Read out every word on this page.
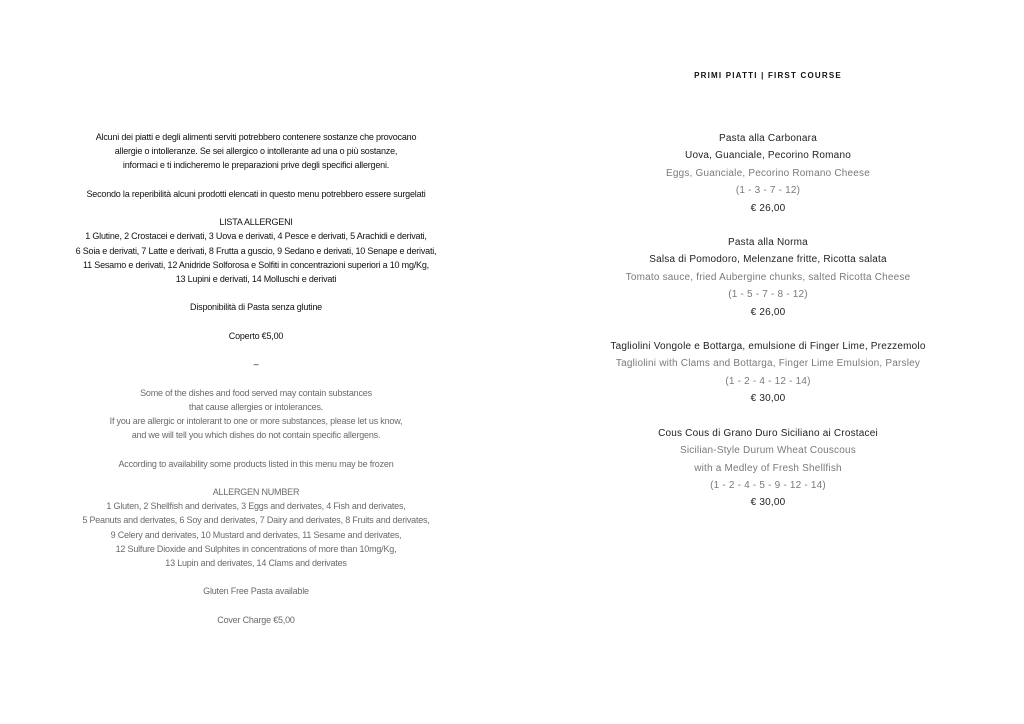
Alcuni dei piatti e degli alimenti serviti potrebbero contenere sostanze che provocano

allergie o intolleranze. Se sei allergico o intollerante ad una o più sostanze,

informaci e ti indicheremo le preparazioni prive degli specifici allergeni.

Secondo la reperibilità alcuni prodotti elencati in questo menu potrebbero essere surgelati

LISTA ALLERGENI

1 Glutine, 2 Crostacei e derivati, 3 Uova e derivati, 4 Pesce e derivati, 5 Arachidi e derivati,

6 Soia e derivati, 7 Latte e derivati, 8 Frutta a guscio, 9 Sedano e derivati, 10 Senape e derivati,

11 Sesamo e derivati, 12 Anidride Solforosa e Solfiti in concentrazioni superiori a 10 mg/Kg,

13 Lupini e derivati, 14 Molluschi e derivati

Disponibilità di Pasta senza glutine

Coperto €5,00

–

Some of the dishes and food served may contain substances

that cause allergies or intolerances.

If you are allergic or intolerant to one or more substances, please let us know,

and we will tell you which dishes do not contain specific allergens.

According to availability some products listed in this menu may be frozen

ALLERGEN NUMBER

1 Gluten, 2 Shellfish and derivates, 3 Eggs and derivates, 4 Fish and derivates,

5 Peanuts and derivates, 6 Soy and derivates, 7 Dairy and derivates, 8 Fruits and derivates,

9 Celery and derivates, 10 Mustard and derivates, 11 Sesame and derivates,

12 Sulfure Dioxide and Sulphites in concentrations of more than 10mg/Kg,

13 Lupin and derivates, 14 Clams and derivates

Gluten Free Pasta available

Cover Charge €5,00

PRIMI PIATTI | FIRST COURSE

Pasta alla Carbonara

Uova, Guanciale, Pecorino Romano

Eggs, Guanciale, Pecorino Romano Cheese

(1 - 3 - 7 - 12)

€ 26,00

Pasta alla Norma

Salsa di Pomodoro, Melenzane fritte, Ricotta salata

Tomato sauce, fried Aubergine chunks, salted Ricotta Cheese

(1 - 5 - 7 - 8 - 12)

€ 26,00

Tagliolini Vongole e Bottarga, emulsione di Finger Lime, Prezzemolo

Tagliolini with Clams and Bottarga, Finger Lime Emulsion, Parsley

(1 - 2 - 4 - 12 - 14)

€ 30,00

Cous Cous di Grano Duro Siciliano ai Crostacei

Sicilian-Style Durum Wheat Couscous

with a Medley of Fresh Shellfish

(1 - 2 - 4 - 5 - 9 - 12 - 14)

€ 30,00
